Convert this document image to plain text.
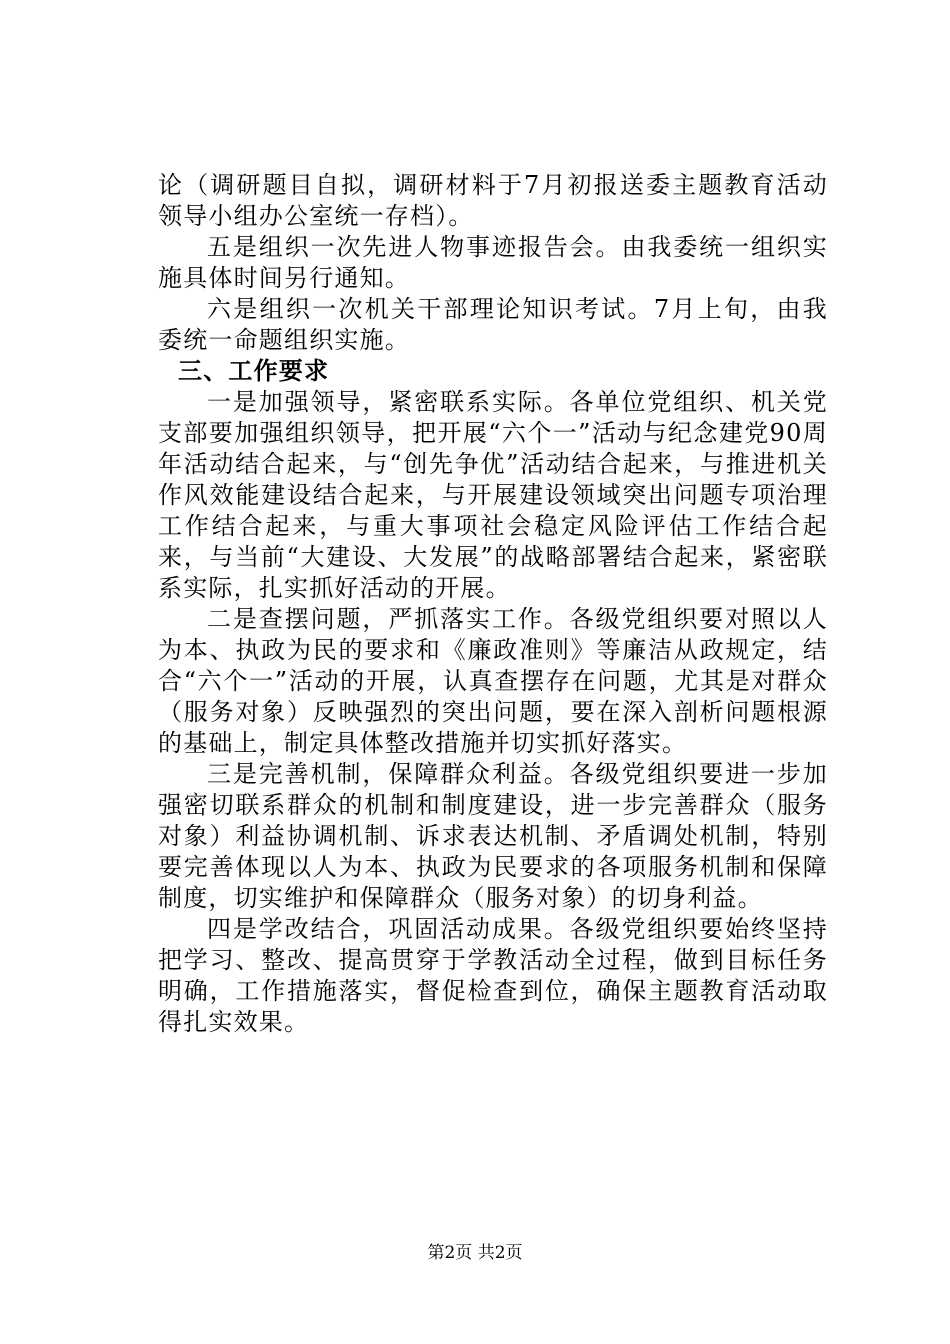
论（调研题目自拟，调研材料于7月初报送委主题教育活动领导小组办公室统一存档）。

五是组织一次先进人物事迹报告会。由我委统一组织实施具体时间另行通知。

六是组织一次机关干部理论知识考试。7月上旬，由我委统一命题组织实施。

三、工作要求

一是加强领导，紧密联系实际。各单位党组织、机关党支部要加强组织领导，把开展“六个一”活动与纪念建党90周年活动结合起来，与“创先争优”活动结合起来，与推进机关作风效能建设结合起来，与开展建设领域突出问题专项治理工作结合起来，与重大事项社会稳定风险评估工作结合起来，与当前“大建设、大发展”的战略部署结合起来，紧密联系实际，扎实抓好活动的开展。

二是查摆问题，严抓落实工作。各级党组织要对照以人为本、执政为民的要求和《廉政准则》等廉洁从政规定，结合“六个一”活动的开展，认真查摆存在问题，尤其是对群众（服务对象）反映强烈的突出问题，要在深入剖析问题根源的基础上，制定具体整改措施并切实抓好落实。

三是完善机制，保障群众利益。各级党组织要进一步加强密切联系群众的机制和制度建设，进一步完善群众（服务对象）利益协调机制、诉求表达机制、矛盾调处机制，特别要完善体现以人为本、执政为民要求的各项服务机制和保障制度，切实维护和保障群众（服务对象）的切身利益。

四是学改结合，巩固活动成果。各级党组织要始终坚持把学习、整改、提高贯穿于学教活动全过程，做到目标任务明确，工作措施落实，督促检查到位，确保主题教育活动取得扎实效果。

第2页 共2页
